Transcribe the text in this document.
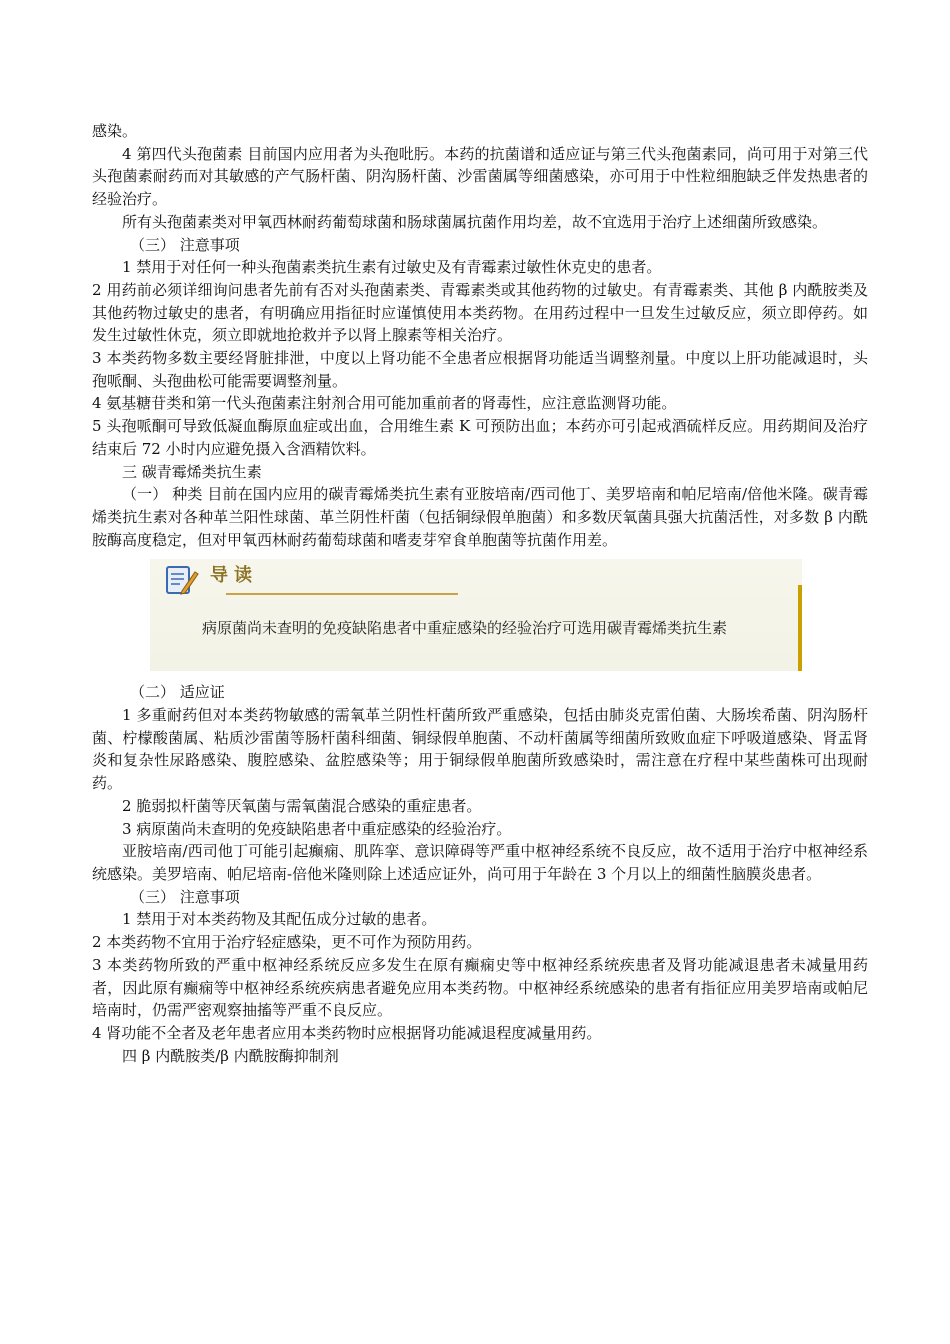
感染。

4 第四代头孢菌素 目前国内应用者为头孢吡肟。本药的抗菌谱和适应证与第三代头孢菌素同，尚可用于对第三代头孢菌素耐药而对其敏感的产气肠杆菌、阴沟肠杆菌、沙雷菌属等细菌感染，亦可用于中性粒细胞缺乏伴发热患者的经验治疗。

所有头孢菌素类对甲氧西林耐药葡萄球菌和肠球菌属抗菌作用均差，故不宜选用于治疗上述细菌所致感染。

（三） 注意事项

1 禁用于对任何一种头孢菌素类抗生素有过敏史及有青霉素过敏性休克史的患者。

2 用药前必须详细询问患者先前有否对头孢菌素类、青霉素类或其他药物的过敏史。有青霉素类、其他 β 内酰胺类及其他药物过敏史的患者，有明确应用指征时应谨慎使用本类药物。在用药过程中一旦发生过敏反应，须立即停药。如发生过敏性休克，须立即就地抢救并予以肾上腺素等相关治疗。

3 本类药物多数主要经肾脏排泄，中度以上肾功能不全患者应根据肾功能适当调整剂量。中度以上肝功能减退时，头孢哌酮、头孢曲松可能需要调整剂量。

4 氨基糖苷类和第一代头孢菌素注射剂合用可能加重前者的肾毒性，应注意监测肾功能。

5 头孢哌酮可导致低凝血酶原血症或出血，合用维生素 K 可预防出血；本药亦可引起戒酒硫样反应。用药期间及治疗结束后 72 小时内应避免摄入含酒精饮料。

三 碳青霉烯类抗生素

（一） 种类 目前在国内应用的碳青霉烯类抗生素有亚胺培南/西司他丁、美罗培南和帕尼培南/倍他米隆。碳青霉烯类抗生素对各种革兰阳性球菌、革兰阴性杆菌（包括铜绿假单胞菌）和多数厌氧菌具强大抗菌活性，对多数 β 内酰胺酶高度稳定，但对甲氧西林耐药葡萄球菌和嗜麦芽窄食单胞菌等抗菌作用差。

导读
病原菌尚未查明的免疫缺陷患者中重症感染的经验治疗可选用碳青霉烯类抗生素

（二） 适应证

1 多重耐药但对本类药物敏感的需氧革兰阴性杆菌所致严重感染，包括由肺炎克雷伯菌、大肠埃希菌、阴沟肠杆菌、柠檬酸菌属、粘质沙雷菌等肠杆菌科细菌、铜绿假单胞菌、不动杆菌属等细菌所致败血症下呼吸道感染、肾盂肾炎和复杂性尿路感染、腹腔感染、盆腔感染等；用于铜绿假单胞菌所致感染时，需注意在疗程中某些菌株可出现耐药。

2 脆弱拟杆菌等厌氧菌与需氧菌混合感染的重症患者。

3 病原菌尚未查明的免疫缺陷患者中重症感染的经验治疗。

亚胺培南/西司他丁可能引起癫痫、肌阵挛、意识障碍等严重中枢神经系统不良反应，故不适用于治疗中枢神经系统感染。美罗培南、帕尼培南-倍他米隆则除上述适应证外，尚可用于年龄在 3 个月以上的细菌性脑膜炎患者。

（三） 注意事项

1 禁用于对本类药物及其配伍成分过敏的患者。

2 本类药物不宜用于治疗轻症感染，更不可作为预防用药。

3 本类药物所致的严重中枢神经系统反应多发生在原有癫痫史等中枢神经系统疾患者及肾功能减退患者未减量用药者，因此原有癫痫等中枢神经系统疾病患者避免应用本类药物。中枢神经系统感染的患者有指征应用美罗培南或帕尼培南时，仍需严密观察抽搐等严重不良反应。

4 肾功能不全者及老年患者应用本类药物时应根据肾功能减退程度减量用药。

四 β 内酰胺类/β 内酰胺酶抑制剂
